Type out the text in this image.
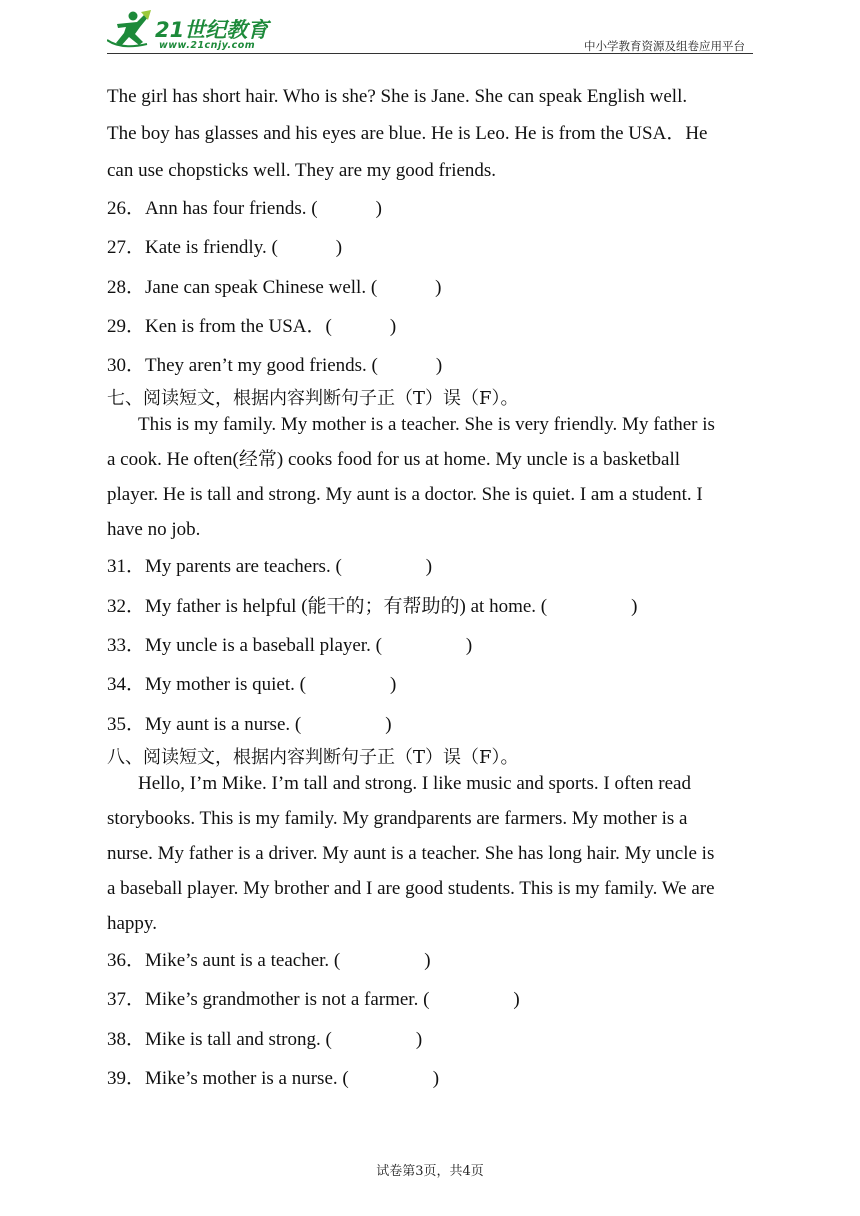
21世纪教育
www.21cnjy.com	中小学教育资源及组卷应用平台

The girl has short hair. Who is she? She is Jane. She can speak English well.

The boy has glasses and his eyes are blue. He is Leo. He is from the USA．He

can use chopsticks well. They are my good friends.

26．Ann has four friends. (	)
27．Kate is friendly. (	)
28．Jane can speak Chinese well. (	)
29．Ken is from the USA．(	)
30．They aren’t my good friends. (	)
七、阅读短文，根据内容判断句子正（T）误（F）。

This is my family. My mother is a teacher. She is very friendly. My father is

a cook. He often(经常) cooks food for us at home. My uncle is a basketball

player. He is tall and strong. My aunt is a doctor. She is quiet. I am a student. I

have no job.

31．My parents are teachers. (	)
32．My father is helpful (能干的；有帮助的) at home. (	)
33．My uncle is a baseball player. (	)
34．My mother is quiet. (	)
35．My aunt is a nurse. (	)
八、阅读短文，根据内容判断句子正（T）误（F）。

Hello, I’m Mike. I’m tall and strong. I like music and sports. I often read

storybooks. This is my family. My grandparents are farmers. My mother is a

nurse. My father is a driver. My aunt is a teacher. She has long hair. My uncle is

a baseball player. My brother and I are good students. This is my family. We are

happy.

36．Mike’s aunt is a teacher. (	)
37．Mike’s grandmother is not a farmer. (	)
38．Mike is tall and strong. (	)
39．Mike’s mother is a nurse. (	)
试卷第3页，共4页
